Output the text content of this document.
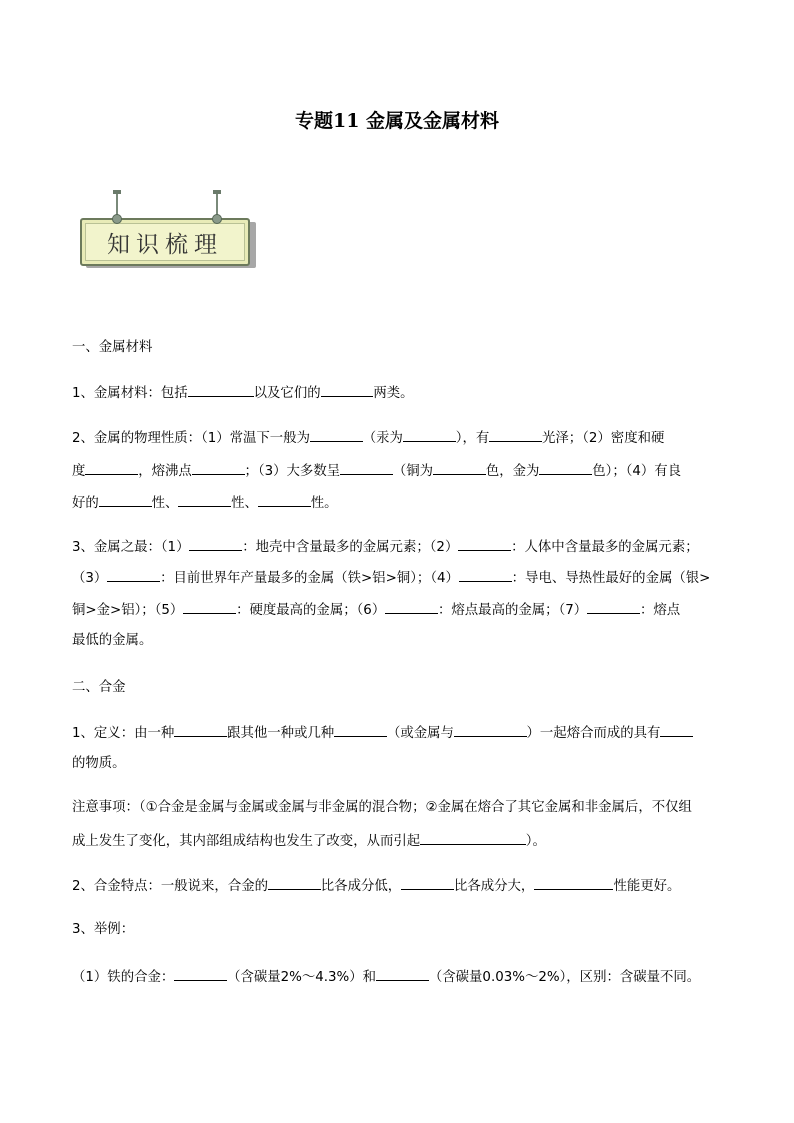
专题11 金属及金属材料
知识梳理
一、金属材料
1、金属材料：包括	以及它们的	两类。
2、金属的物理性质：（1）常温下一般为	（汞为	），有	光泽；（2）密度和硬
度	，熔沸点	；（3）大多数呈	（铜为	色，金为	色）；（4）有良
好的	性、	性、	性。
3、金属之最：（1）	：地壳中含量最多的金属元素；（2）	：人体中含量最多的金属元素；
（3）	：目前世界年产量最多的金属（铁>铝>铜）；（4）	：导电、导热性最好的金属（银>
铜>金>铝）；（5）	：硬度最高的金属；（6）	：熔点最高的金属；（7）	：熔点
最低的金属。
二、合金
1、定义：由一种	跟其他一种或几种	（或金属与	）一起熔合而成的具有
的物质。
注意事项：（①合金是金属与金属或金属与非金属的混合物；②金属在熔合了其它金属和非金属后，不仅组
成上发生了变化，其内部组成结构也发生了改变，从而引起	）。
2、合金特点：一般说来，合金的	比各成分低，	比各成分大，	性能更好。
3、举例：
（1）铁的合金：	（含碳量2%～4.3%）和	（含碳量0.03%～2%），区别：含碳量不同。
